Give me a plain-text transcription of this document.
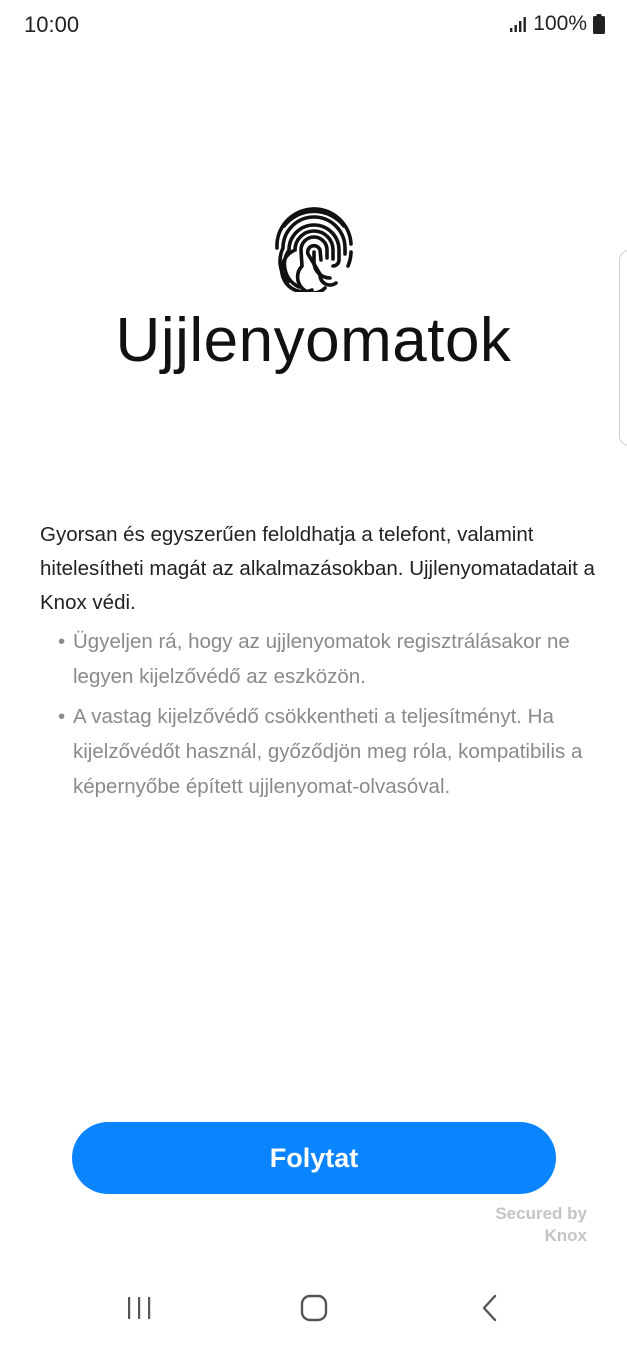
10:00	100%
Ujjlenyomatok
Gyorsan és egyszerűen feloldhatja a telefont, valamint hitelesítheti magát az alkalmazásokban. Ujjlenyomatadatait a Knox védi.
• Ügyeljen rá, hogy az ujjlenyomatok regisztrálásakor ne legyen kijelzővédő az eszközön.
• A vastag kijelzővédő csökkentheti a teljesítményt. Ha kijelzővédőt használ, győződjön meg róla, kompatibilis a képernyőbe épített ujjlenyomat-olvasóval.
Folytat
Secured by
Knox
